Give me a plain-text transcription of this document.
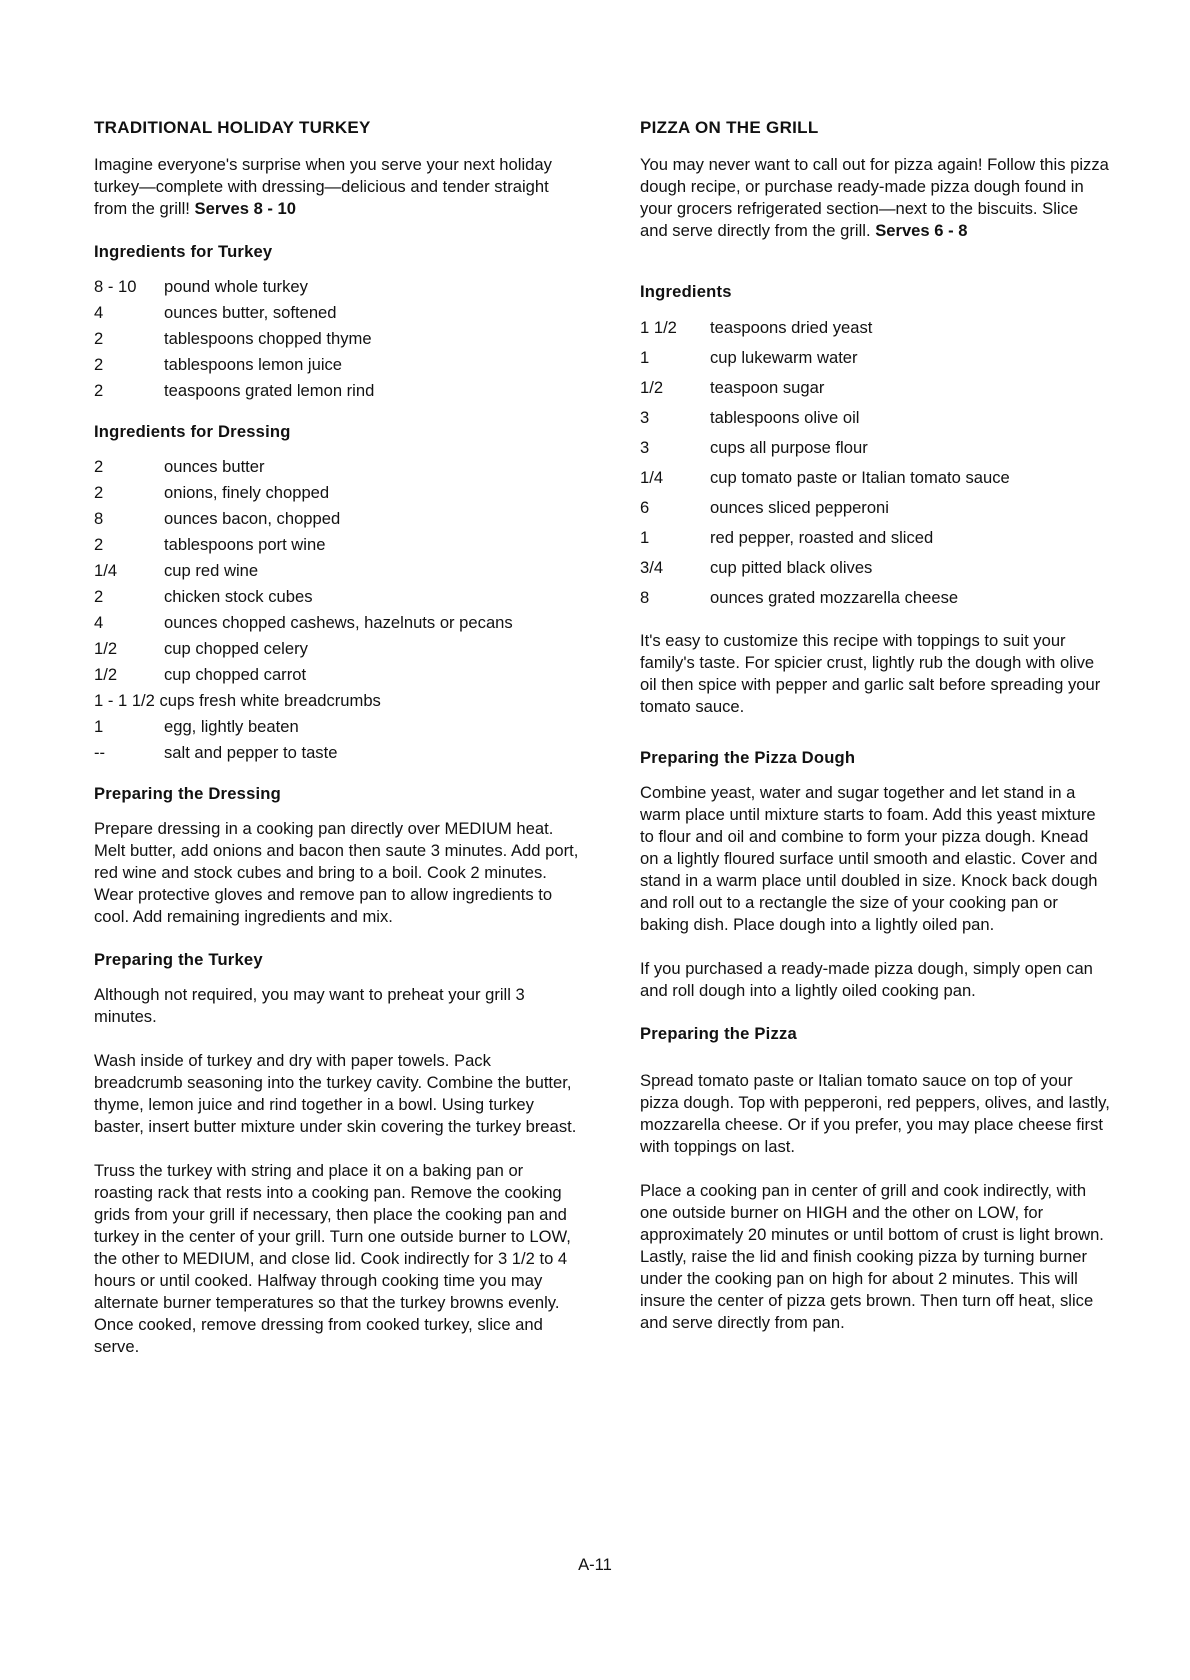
TRADITIONAL HOLIDAY TURKEY
Imagine everyone's surprise when you serve your next holiday turkey—complete with dressing—delicious and tender straight from the grill! Serves 8 - 10
Ingredients for Turkey
8 - 10	pound whole turkey
4	ounces butter, softened
2	tablespoons chopped thyme
2	tablespoons lemon juice
2	teaspoons grated lemon rind
Ingredients for Dressing
2	ounces butter
2	onions, finely chopped
8	ounces bacon, chopped
2	tablespoons port wine
1/4	cup red wine
2	chicken stock cubes
4	ounces chopped cashews, hazelnuts or pecans
1/2	cup chopped celery
1/2	cup chopped carrot
1 - 1 1/2 cups fresh white breadcrumbs
1	egg, lightly beaten
--	salt and pepper to taste
Preparing the Dressing
Prepare dressing in a cooking pan directly over MEDIUM heat. Melt butter, add onions and bacon then saute 3 minutes. Add port, red wine and stock cubes and bring to a boil. Cook 2 minutes. Wear protective gloves and remove pan to allow ingredients to cool. Add remaining ingredients and mix.
Preparing the Turkey
Although not required, you may want to preheat your grill 3 minutes.
Wash inside of turkey and dry with paper towels. Pack breadcrumb seasoning into the turkey cavity. Combine the butter, thyme, lemon juice and rind together in a bowl. Using turkey baster, insert butter mixture under skin covering the turkey breast.
Truss the turkey with string and place it on a baking pan or roasting rack that rests into a cooking pan. Remove the cooking grids from your grill if necessary, then place the cooking pan and turkey in the center of your grill. Turn one outside burner to LOW, the other to MEDIUM, and close lid. Cook indirectly for 3 1/2 to 4 hours or until cooked. Halfway through cooking time you may alternate burner temperatures so that the turkey browns evenly. Once cooked, remove dressing from cooked turkey, slice and serve.
PIZZA ON THE GRILL
You may never want to call out for pizza again! Follow this pizza dough recipe, or purchase ready-made pizza dough found in your grocers refrigerated section—next to the biscuits. Slice and serve directly from the grill. Serves 6 - 8
Ingredients
1 1/2	teaspoons dried yeast
1	cup lukewarm water
1/2	teaspoon sugar
3	tablespoons olive oil
3	cups all purpose flour
1/4	cup tomato paste or Italian tomato sauce
6	ounces sliced pepperoni
1	red pepper, roasted and sliced
3/4	cup pitted black olives
8	ounces grated mozzarella cheese
It's easy to customize this recipe with toppings to suit your family's taste. For spicier crust, lightly rub the dough with olive oil then spice with pepper and garlic salt before spreading your tomato sauce.
Preparing the Pizza Dough
Combine yeast, water and sugar together and let stand in a warm place until mixture starts to foam. Add this yeast mixture to flour and oil and combine to form your pizza dough. Knead on a lightly floured surface until smooth and elastic. Cover and stand in a warm place until doubled in size. Knock back dough and roll out to a rectangle the size of your cooking pan or baking dish. Place dough into a lightly oiled pan.
If you purchased a ready-made pizza dough, simply open can and roll dough into a lightly oiled cooking pan.
Preparing the Pizza
Spread tomato paste or Italian tomato sauce on top of your pizza dough. Top with pepperoni, red peppers, olives, and lastly, mozzarella cheese. Or if you prefer, you may place cheese first with toppings on last.
Place a cooking pan in center of grill and cook indirectly, with one outside burner on HIGH and the other on LOW, for approximately 20 minutes or until bottom of crust is light brown. Lastly, raise the lid and finish cooking pizza by turning burner under the cooking pan on high for about 2 minutes. This will insure the center of pizza gets brown. Then turn off heat, slice and serve directly from pan.
A-11
